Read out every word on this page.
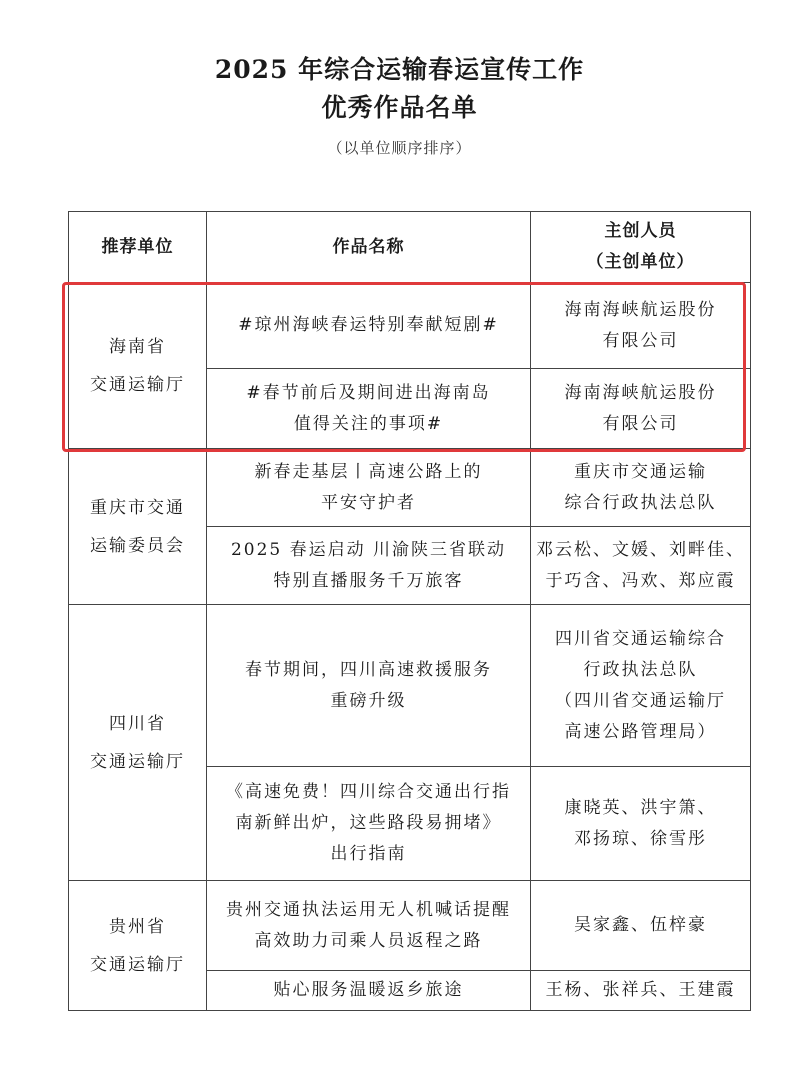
2025 年综合运输春运宣传工作
优秀作品名单
（以单位顺序排序）
推荐单位	作品名称	主创人员
（主创单位）

海南省
交通运输厅	#琼州海峡春运特别奉献短剧#	海南海峡航运股份
有限公司

	#春节前后及期间进出海南岛
值得关注的事项#	海南海峡航运股份
有限公司

重庆市交通
运输委员会	新春走基层丨高速公路上的
平安守护者	重庆市交通运输
综合行政执法总队

	2025 春运启动 川渝陕三省联动
特别直播服务千万旅客	邓云松、文媛、刘畔佳、
于巧含、冯欢、郑应霞

四川省
交通运输厅	春节期间，四川高速救援服务
重磅升级	四川省交通运输综合
行政执法总队
（四川省交通运输厅
高速公路管理局）

	《高速免费！四川综合交通出行指
南新鲜出炉，这些路段易拥堵》
出行指南	康晓英、洪宇箫、
邓扬琼、徐雪彤

贵州省
交通运输厅	贵州交通执法运用无人机喊话提醒
高效助力司乘人员返程之路	吴家鑫、伍梓豪

	贴心服务温暖返乡旅途	王杨、张祥兵、王建霞
